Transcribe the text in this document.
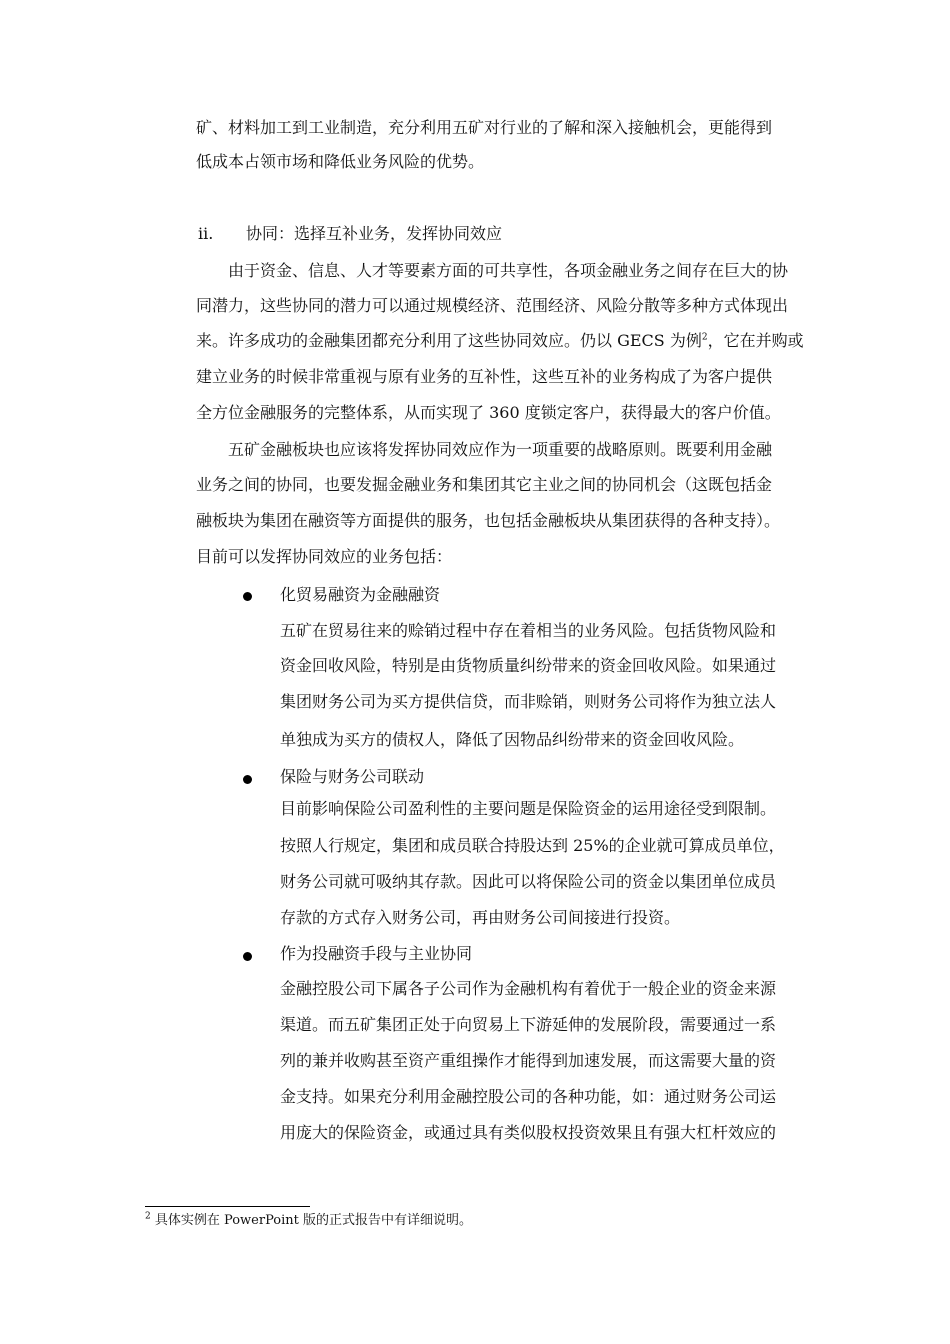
矿、材料加工到工业制造，充分利用五矿对行业的了解和深入接触机会，更能得到
低成本占领市场和降低业务风险的优势。
ii. 协同：选择互补业务，发挥协同效应
由于资金、信息、人才等要素方面的可共享性，各项金融业务之间存在巨大的协
同潜力，这些协同的潜力可以通过规模经济、范围经济、风险分散等多种方式体现出
来。许多成功的金融集团都充分利用了这些协同效应。仍以 GECS 为例$^2$，它在并购或
建立业务的时候非常重视与原有业务的互补性，这些互补的业务构成了为客户提供
全方位金融服务的完整体系，从而实现了 360 度锁定客户，获得最大的客户价值。
五矿金融板块也应该将发挥协同效应作为一项重要的战略原则。既要利用金融
业务之间的协同，也要发掘金融业务和集团其它主业之间的协同机会（这既包括金
融板块为集团在融资等方面提供的服务，也包括金融板块从集团获得的各种支持）。
目前可以发挥协同效应的业务包括：
化贸易融资为金融融资
五矿在贸易往来的赊销过程中存在着相当的业务风险。包括货物风险和
资金回收风险，特别是由货物质量纠纷带来的资金回收风险。如果通过
集团财务公司为买方提供信贷，而非赊销，则财务公司将作为独立法人
单独成为买方的债权人，降低了因物品纠纷带来的资金回收风险。
保险与财务公司联动
目前影响保险公司盈利性的主要问题是保险资金的运用途径受到限制。
按照人行规定，集团和成员联合持股达到 25%的企业就可算成员单位，
财务公司就可吸纳其存款。因此可以将保险公司的资金以集团单位成员
存款的方式存入财务公司，再由财务公司间接进行投资。
作为投融资手段与主业协同
金融控股公司下属各子公司作为金融机构有着优于一般企业的资金来源
渠道。而五矿集团正处于向贸易上下游延伸的发展阶段，需要通过一系
列的兼并收购甚至资产重组操作才能得到加速发展，而这需要大量的资
金支持。如果充分利用金融控股公司的各种功能，如：通过财务公司运
用庞大的保险资金，或通过具有类似股权投资效果且有强大杠杆效应的
$^2$ 具体实例在 PowerPoint 版的正式报告中有详细说明。
